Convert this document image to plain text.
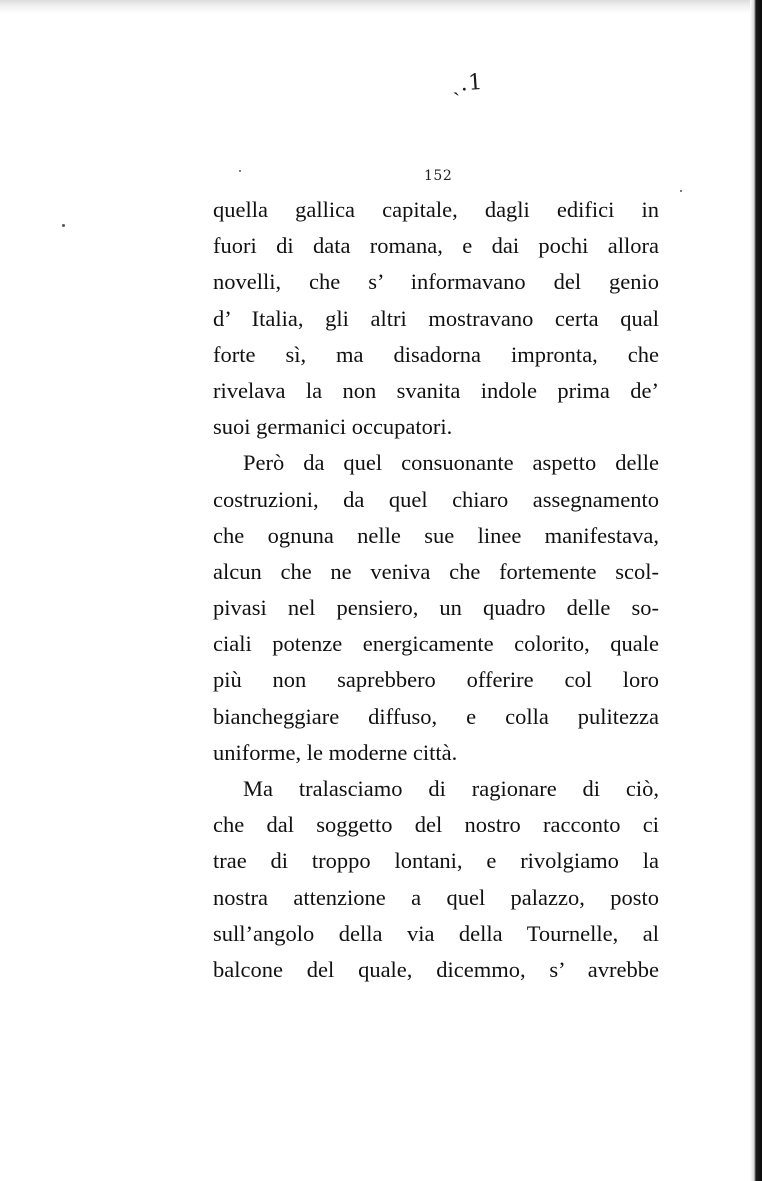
ˎ.1
152

quella gallica capitale, dagli edifici in
fuori di data romana, e dai pochi allora
novelli, che s’ informavano del genio
d’ Italia, gli altri mostravano certa qual
forte sì, ma disadorna impronta, che
rivelava la non svanita indole prima de’
suoi germanici occupatori.

Però da quel consuonante aspetto delle
costruzioni, da quel chiaro assegnamento
che ognuna nelle sue linee manifestava,
alcun che ne veniva che fortemente scol-
pivasi nel pensiero, un quadro delle so-
ciali potenze energicamente colorito, quale
più non saprebbero offerire col loro
biancheggiare diffuso, e colla pulitezza
uniforme, le moderne città.

Ma tralasciamo di ragionare di ciò,
che dal soggetto del nostro racconto ci
trae di troppo lontani, e rivolgiamo la
nostra attenzione a quel palazzo, posto
sull’angolo della via della Tournelle, al
balcone del quale, dicemmo, s’ avrebbe
